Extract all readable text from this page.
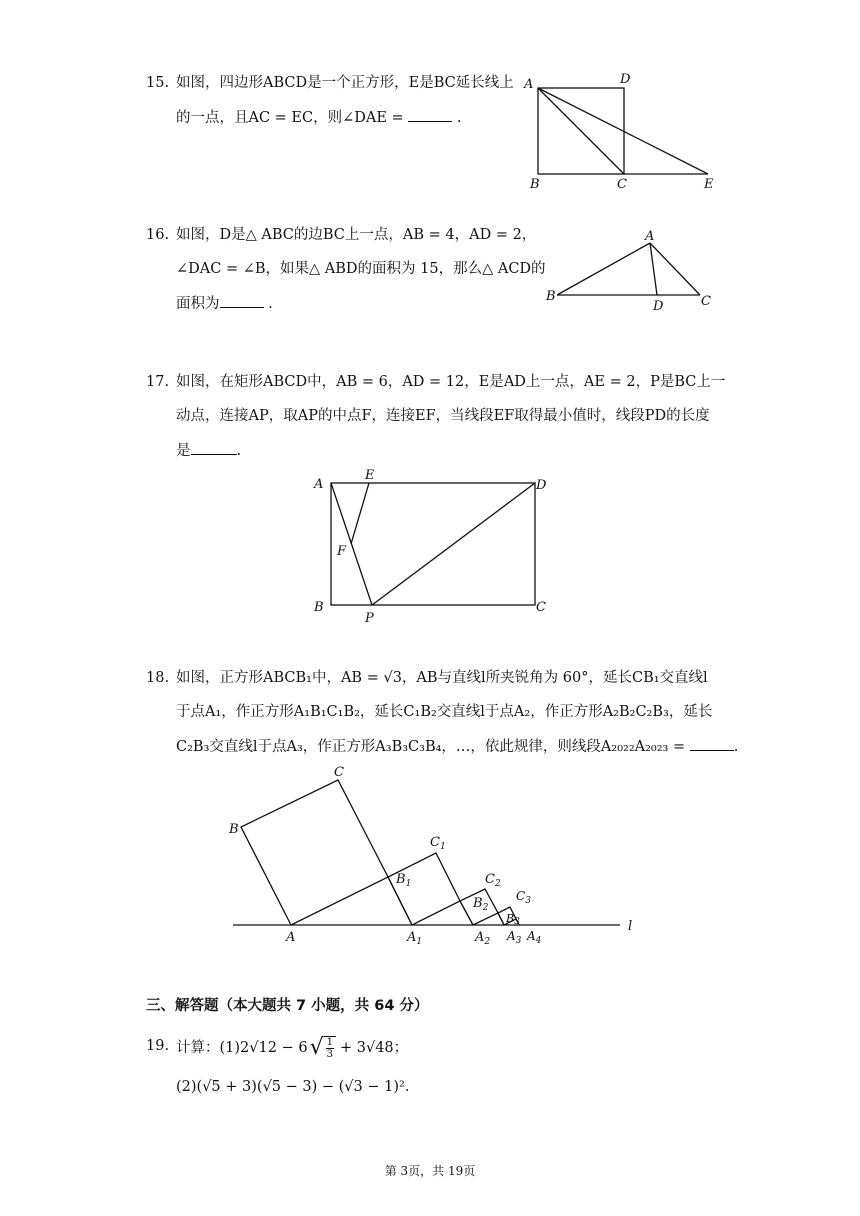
15. 如图，四边形ABCD是一个正方形，E是BC延长线上
的一点，且AC = EC，则∠DAE =	.
A	D
B	C	E
16. 如图，D是△ ABC的边BC上一点，AB = 4，AD = 2，
∠DAC = ∠B，如果△ ABD的面积为 15，那么△ ACD的
面积为	.
A
B
D	C
17. 如图，在矩形ABCD中，AB = 6，AD = 12，E是AD上一点，AE = 2，P是BC上一
动点，连接AP，取AP的中点F，连接EF，当线段EF取得最小值时，线段PD的长度
是	.
A
E
D
F
B
P
C
18. 如图，正方形ABCB₁中，AB = √3，AB与直线l所夹锐角为 60°，延长CB₁交直线l
于点A₁，作正方形A₁B₁C₁B₂，延长C₁B₂交直线l于点A₂，作正方形A₂B₂C₂B₃，延长
C₂B₃交直线l于点A₃，作正方形A₃B₃C₃B₄，…，依此规律，则线段A₂₀₂₂A₂₀₂₃ =	.
A
B
C
$B_1$
$C_1$
$A_1$
$B_2$
$C_2$
$A_2$
B3
$C_3$
$A_3$ $A_4$
l
三、解答题（本大题共 7 小题，共 64 分）
19. 计算：$(1)2√12 - 6√ \frac{1}{3} + 3√48$；
(2)(√5 + 3)(√5 − 3) − (√3 − 1)².
第 3页，共 19页
